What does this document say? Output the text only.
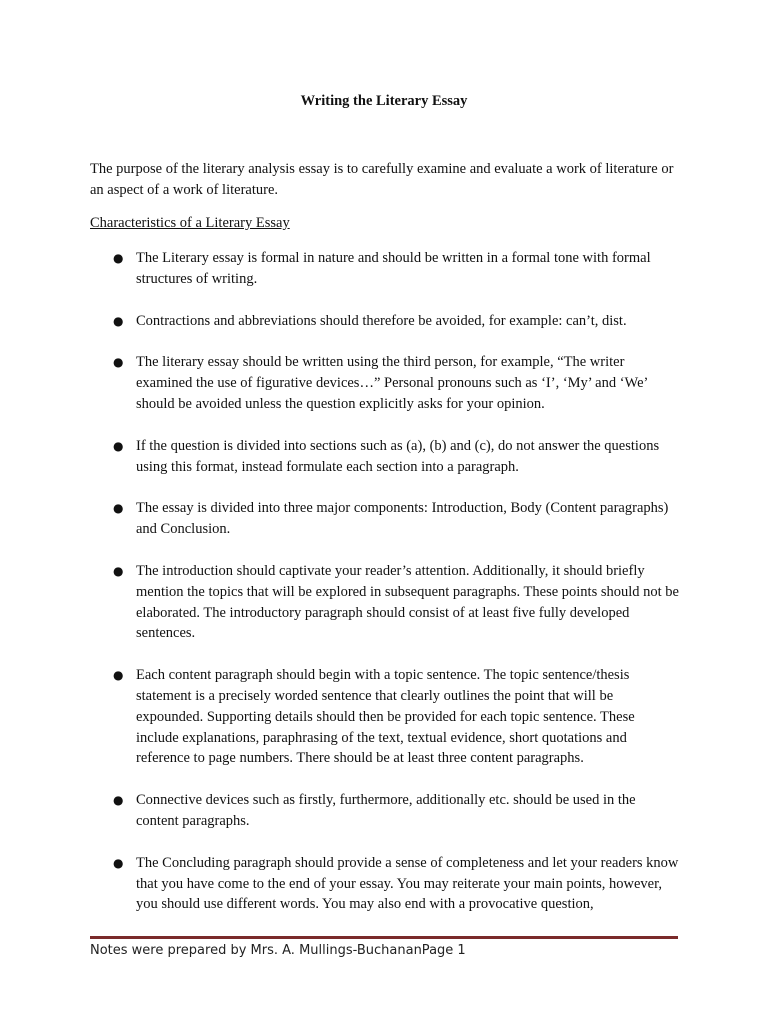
Writing the Literary Essay

The purpose of the literary analysis essay is to carefully examine and evaluate a work of literature or an aspect of a work of literature.

Characteristics of a Literary Essay

● The Literary essay is formal in nature and should be written in a formal tone with formal structures of writing.
● Contractions and abbreviations should therefore be avoided, for example: can’t, dist.
● The literary essay should be written using the third person, for example, “The writer examined the use of figurative devices…” Personal pronouns such as ‘I’, ‘My’ and ‘We’ should be avoided unless the question explicitly asks for your opinion.
● If the question is divided into sections such as (a), (b) and (c), do not answer the questions using this format, instead formulate each section into a paragraph.
● The essay is divided into three major components: Introduction, Body (Content paragraphs) and Conclusion.
● The introduction should captivate your reader’s attention. Additionally, it should briefly mention the topics that will be explored in subsequent paragraphs. These points should not be elaborated. The introductory paragraph should consist of at least five fully developed sentences.
● Each content paragraph should begin with a topic sentence. The topic sentence/thesis statement is a precisely worded sentence that clearly outlines the point that will be expounded. Supporting details should then be provided for each topic sentence. These include explanations, paraphrasing of the text, textual evidence, short quotations and reference to page numbers. There should be at least three content paragraphs.
● Connective devices such as firstly, furthermore, additionally etc. should be used in the content paragraphs.
● The Concluding paragraph should provide a sense of completeness and let your readers know that you have come to the end of your essay. You may reiterate your main points, however, you should use different words. You may also end with a provocative question,

Notes were prepared by Mrs. A. Mullings-BuchananPage 1
